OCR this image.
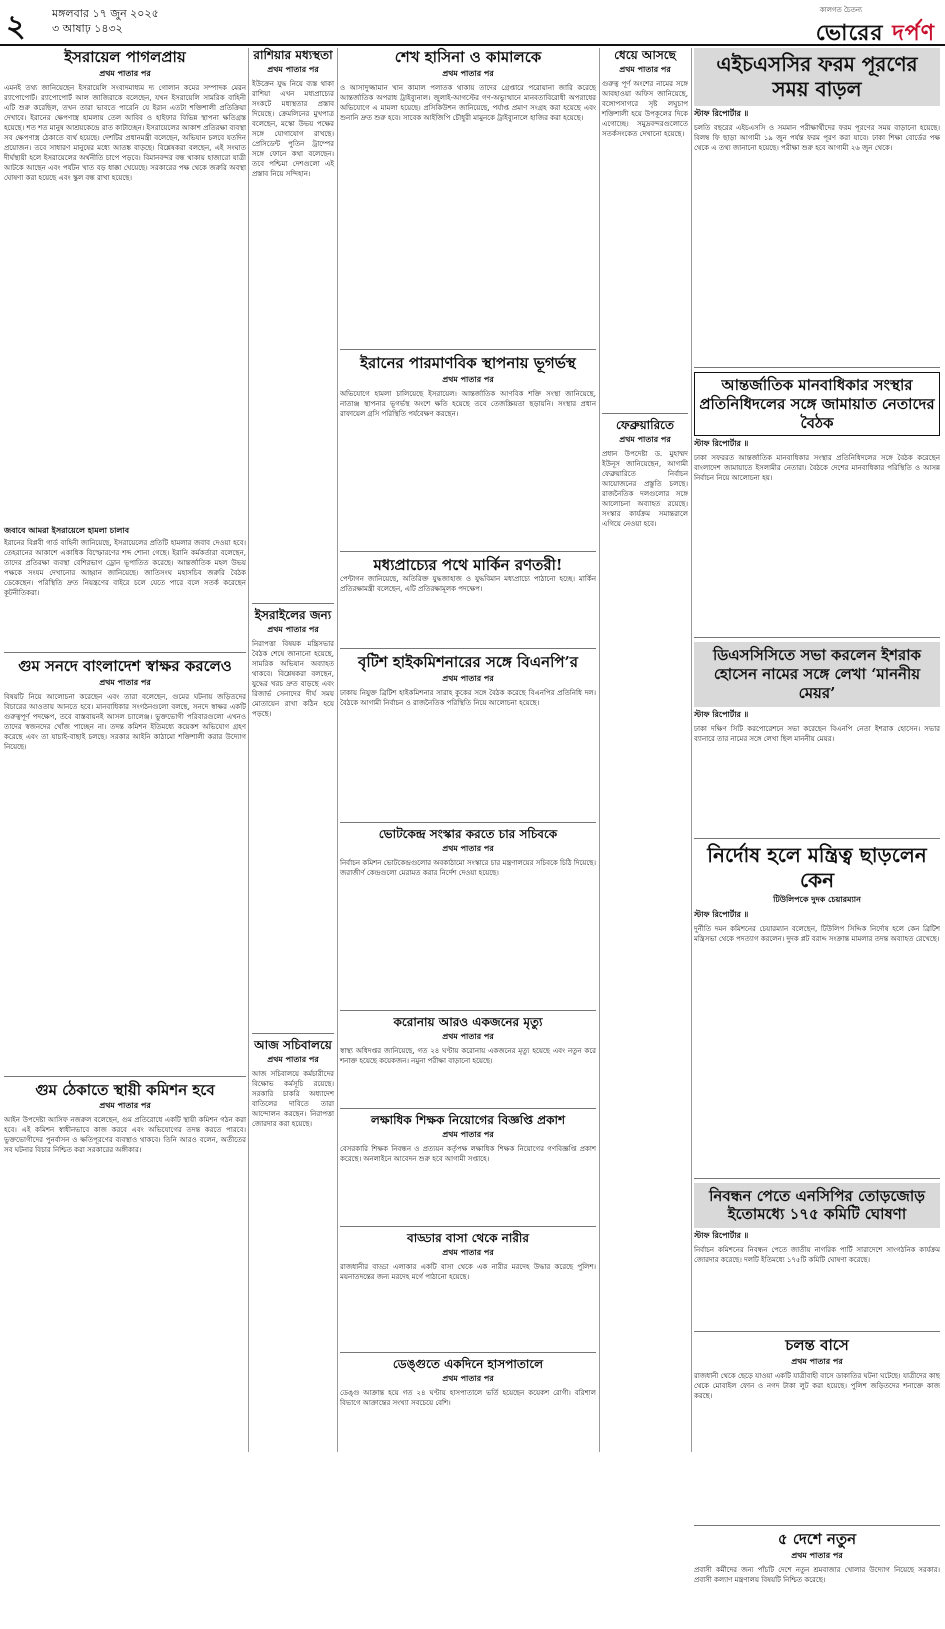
২ মঙ্গলবার ১৭ জুন ২০২৫
৩ আষাঢ় ১৪৩২
কালগত চৈতন্য
ভোরের দর্পণ
ইসরায়েল পাগলপ্রায়
প্রথম পাতার পর
এমনই তথ্য জানিয়েছেন ইসরায়েলি সংবাদমাধ্যম দ্য গোলান কমের সম্পাদক মেরন র‍্যাপোপোর্ট। র‍্যাপোপোর্ট আল জাজিরাকে বলেছেন, যখন ইসরায়েলি সামরিক বাহিনী এটি শুরু করেছিল, তখন তারা ভাবতে পারেনি যে ইরান এতটা শক্তিশালী প্রতিক্রিয়া দেখাবে। ইরানের ক্ষেপণাস্ত্র হামলায় তেল আবিব ও হাইফার বিভিন্ন স্থাপনা ক্ষতিগ্রস্ত হয়েছে। শত শত মানুষ আশ্রয়কেন্দ্রে রাত কাটাচ্ছেন। ইসরায়েলের আকাশ প্রতিরক্ষা ব্যবস্থা সব ক্ষেপণাস্ত্র ঠেকাতে ব্যর্থ হয়েছে। দেশটির প্রধানমন্ত্রী বলেছেন, অভিযান চলবে যতদিন প্রয়োজন। তবে সাধারণ মানুষের মধ্যে আতঙ্ক বাড়ছে। বিশ্লেষকরা বলছেন, এই সংঘাত দীর্ঘস্থায়ী হলে ইসরায়েলের অর্থনীতি চাপে পড়বে। বিমানবন্দর বন্ধ থাকায় হাজারো যাত্রী আটকে আছেন এবং পর্যটন খাত বড় ধাক্কা খেয়েছে। সরকারের পক্ষ থেকে জরুরি অবস্থা ঘোষণা করা হয়েছে এবং স্কুল বন্ধ রাখা হয়েছে।
জবাবে আমরা ইসরায়েলে হামলা চালাব
ইরানের বিপ্লবী গার্ড বাহিনী জানিয়েছে, ইসরায়েলের প্রতিটি হামলার জবাব দেওয়া হবে। তেহরানের আকাশে একাধিক বিস্ফোরণের শব্দ শোনা গেছে। ইরানি কর্মকর্তারা বলেছেন, তাদের প্রতিরক্ষা ব্যবস্থা বেশিরভাগ ড্রোন ভূপাতিত করেছে। আন্তর্জাতিক মহল উভয় পক্ষকে সংযম দেখানোর আহ্বান জানিয়েছে। জাতিসংঘ মহাসচিব জরুরি বৈঠক ডেকেছেন। পরিস্থিতি দ্রুত নিয়ন্ত্রণের বাইরে চলে যেতে পারে বলে সতর্ক করেছেন কূটনীতিকরা।
গুম সনদে বাংলাদেশ স্বাক্ষর করলেও
প্রথম পাতার পর
বিষয়টি নিয়ে আলোচনা করেছেন এবং তারা বলেছেন, গুমের ঘটনায় জড়িতদের বিচারের আওতায় আনতে হবে। মানবাধিকার সংগঠনগুলো বলছে, সনদে স্বাক্ষর একটি গুরুত্বপূর্ণ পদক্ষেপ, তবে বাস্তবায়নই আসল চ্যালেঞ্জ। ভুক্তভোগী পরিবারগুলো এখনও তাদের স্বজনদের খোঁজ পাচ্ছেন না। তদন্ত কমিশন ইতিমধ্যে কয়েকশ অভিযোগ গ্রহণ করেছে এবং তা যাচাই-বাছাই চলছে। সরকার আইনি কাঠামো শক্তিশালী করার উদ্যোগ নিয়েছে।
গুম ঠেকাতে স্থায়ী কমিশন হবে
প্রথম পাতার পর
আইন উপদেষ্টা আসিফ নজরুল বলেছেন, গুম প্রতিরোধে একটি স্থায়ী কমিশন গঠন করা হবে। এই কমিশন স্বাধীনভাবে কাজ করবে এবং অভিযোগের তদন্ত করতে পারবে। ভুক্তভোগীদের পুনর্বাসন ও ক্ষতিপূরণের ব্যবস্থাও থাকবে। তিনি আরও বলেন, অতীতের সব ঘটনার বিচার নিশ্চিত করা সরকারের অঙ্গীকার।
রাশিয়ার মধ্যস্থতা
প্রথম পাতার পর
ইউক্রেন যুদ্ধ নিয়ে ব্যস্ত থাকা রাশিয়া এখন মধ্যপ্রাচ্যের সংকটে মধ্যস্থতার প্রস্তাব দিয়েছে। ক্রেমলিনের মুখপাত্র বলেছেন, মস্কো উভয় পক্ষের সঙ্গে যোগাযোগ রাখছে। প্রেসিডেন্ট পুতিন ট্রাম্পের সঙ্গে ফোনে কথা বলেছেন। তবে পশ্চিমা দেশগুলো এই প্রস্তাব নিয়ে সন্দিহান।
ইসরাইলের জন্য
প্রথম পাতার পর
নিরাপত্তা বিষয়ক মন্ত্রিসভার বৈঠক শেষে জানানো হয়েছে, সামরিক অভিযান অব্যাহত থাকবে। বিশ্লেষকরা বলছেন, যুদ্ধের খরচ দ্রুত বাড়ছে এবং রিজার্ভ সেনাদের দীর্ঘ সময় মোতায়েন রাখা কঠিন হয়ে পড়ছে।
আজ সচিবালয়ে
প্রথম পাতার পর
আজ সচিবালয়ে কর্মচারীদের বিক্ষোভ কর্মসূচি রয়েছে। সরকারি চাকরি অধ্যাদেশ বাতিলের দাবিতে তারা আন্দোলন করছেন। নিরাপত্তা জোরদার করা হয়েছে।
শেখ হাসিনা ও কামালকে
প্রথম পাতার পর
ও আসাদুজ্জামান খান কামাল পলাতক থাকায় তাদের গ্রেপ্তারে পরোয়ানা জারি করেছে আন্তর্জাতিক অপরাধ ট্রাইব্যুনাল। জুলাই-আগস্টের গণ-অভ্যুত্থানে মানবতাবিরোধী অপরাধের অভিযোগে এ মামলা হয়েছে। প্রসিকিউশন জানিয়েছে, পর্যাপ্ত প্রমাণ সংগ্রহ করা হয়েছে এবং শুনানি দ্রুত শুরু হবে। সাবেক আইজিপি চৌধুরী মামুনকে ট্রাইব্যুনালে হাজির করা হয়েছে।
ইরানের পারমাণবিক স্থাপনায় ভূগর্ভস্থ
প্রথম পাতার পর
অভিযোগে হামলা চালিয়েছে ইসরায়েল। আন্তর্জাতিক আণবিক শক্তি সংস্থা জানিয়েছে, নাতাঞ্জ স্থাপনার ভূগর্ভস্থ অংশে ক্ষতি হয়েছে তবে তেজস্ক্রিয়তা ছড়ায়নি। সংস্থার প্রধান রাফায়েল গ্রসি পরিস্থিতি পর্যবেক্ষণ করছেন।
মধ্যপ্রাচ্যের পথে মার্কিন রণতরী!
পেন্টাগন জানিয়েছে, অতিরিক্ত যুদ্ধজাহাজ ও যুদ্ধবিমান মধ্যপ্রাচ্যে পাঠানো হচ্ছে। মার্কিন প্রতিরক্ষামন্ত্রী বলেছেন, এটি প্রতিরক্ষামূলক পদক্ষেপ।
বৃটিশ হাইকমিশনারের সঙ্গে বিএনপি’র
প্রথম পাতার পর
ঢাকায় নিযুক্ত ব্রিটিশ হাইকমিশনার সারাহ কুকের সঙ্গে বৈঠক করেছে বিএনপির প্রতিনিধি দল। বৈঠকে আগামী নির্বাচন ও রাজনৈতিক পরিস্থিতি নিয়ে আলোচনা হয়েছে।
ভোটকেন্দ্র সংস্কার করতে চার সচিবকে
প্রথম পাতার পর
নির্বাচন কমিশন ভোটকেন্দ্রগুলোর অবকাঠামো সংস্কারে চার মন্ত্রণালয়ের সচিবকে চিঠি দিয়েছে। জরাজীর্ণ কেন্দ্রগুলো মেরামত করার নির্দেশ দেওয়া হয়েছে।
করোনায় আরও একজনের মৃত্যু
প্রথম পাতার পর
স্বাস্থ্য অধিদপ্তর জানিয়েছে, গত ২৪ ঘণ্টায় করোনায় একজনের মৃত্যু হয়েছে এবং নতুন করে শনাক্ত হয়েছে কয়েকজন। নমুনা পরীক্ষা বাড়ানো হয়েছে।
লক্ষাধিক শিক্ষক নিয়োগের বিজ্ঞপ্তি প্রকাশ
প্রথম পাতার পর
বেসরকারি শিক্ষক নিবন্ধন ও প্রত্যয়ন কর্তৃপক্ষ লক্ষাধিক শিক্ষক নিয়োগের গণবিজ্ঞপ্তি প্রকাশ করেছে। অনলাইনে আবেদন শুরু হবে আগামী সপ্তাহে।
বাড্ডার বাসা থেকে নারীর
প্রথম পাতার পর
রাজধানীর বাড্ডা এলাকার একটি বাসা থেকে এক নারীর মরদেহ উদ্ধার করেছে পুলিশ। ময়নাতদন্তের জন্য মরদেহ মর্গে পাঠানো হয়েছে।
ডেঙ্গুতে একদিনে হাসপাতালে
প্রথম পাতার পর
ডেঙ্গু আক্রান্ত হয়ে গত ২৪ ঘণ্টায় হাসপাতালে ভর্তি হয়েছেন কয়েকশ রোগী। বরিশাল বিভাগে আক্রান্তের সংখ্যা সবচেয়ে বেশি।
ধেয়ে আসছে
প্রথম পাতার পর
গুরুত্ব পূর্ণ অংশের নামের সঙ্গে আবহাওয়া অফিস জানিয়েছে, বঙ্গোপসাগরে সৃষ্ট লঘুচাপ শক্তিশালী হয়ে উপকূলের দিকে এগোচ্ছে। সমুদ্রবন্দরগুলোতে সতর্কসংকেত দেখানো হয়েছে।
ফেব্রুয়ারিতে
প্রথম পাতার পর
প্রধান উপদেষ্টা ড. মুহাম্মদ ইউনূস জানিয়েছেন, আগামী ফেব্রুয়ারিতে নির্বাচন আয়োজনের প্রস্তুতি চলছে। রাজনৈতিক দলগুলোর সঙ্গে আলোচনা অব্যাহত রয়েছে। সংস্কার কার্যক্রম সমান্তরালে এগিয়ে নেওয়া হবে।
এইচএসসির ফরম পূরণের সময় বাড়ল
স্টাফ রিপোর্টার ॥
চলতি বছরের এইচএসসি ও সমমান পরীক্ষার্থীদের ফরম পূরণের সময় বাড়ানো হয়েছে। বিলম্ব ফি ছাড়া আগামী ১৯ জুন পর্যন্ত ফরম পূরণ করা যাবে। ঢাকা শিক্ষা বোর্ডের পক্ষ থেকে এ তথ্য জানানো হয়েছে। পরীক্ষা শুরু হবে আগামী ২৬ জুন থেকে।
আন্তর্জাতিক মানবাধিকার সংস্থার প্রতিনিধিদলের সঙ্গে জামায়াত নেতাদের বৈঠক
স্টাফ রিপোর্টার ॥
ঢাকা সফররত আন্তর্জাতিক মানবাধিকার সংস্থার প্রতিনিধিদলের সঙ্গে বৈঠক করেছেন বাংলাদেশ জামায়াতে ইসলামীর নেতারা। বৈঠকে দেশের মানবাধিকার পরিস্থিতি ও আসন্ন নির্বাচন নিয়ে আলোচনা হয়।
ডিএসসিসিতে সভা করলেন ইশরাক হোসেন নামের সঙ্গে লেখা ‘মাননীয় মেয়র’
স্টাফ রিপোর্টার ॥
ঢাকা দক্ষিণ সিটি করপোরেশনে সভা করেছেন বিএনপি নেতা ইশরাক হোসেন। সভার ব্যানারে তার নামের সঙ্গে লেখা ছিল মাননীয় মেয়র।
নির্দোষ হলে মন্ত্রিত্ব ছাড়লেন কেন
টিউলিপকে দুদক চেয়ারম্যান
স্টাফ রিপোর্টার ॥
দুর্নীতি দমন কমিশনের চেয়ারম্যান বলেছেন, টিউলিপ সিদ্দিক নির্দোষ হলে কেন ব্রিটিশ মন্ত্রিসভা থেকে পদত্যাগ করলেন। দুদক প্লট বরাদ্দ সংক্রান্ত মামলার তদন্ত অব্যাহত রেখেছে।
নিবন্ধন পেতে এনসিপির তোড়জোড় ইতোমধ্যে ১৭৫ কমিটি ঘোষণা
স্টাফ রিপোর্টার ॥
নির্বাচন কমিশনের নিবন্ধন পেতে জাতীয় নাগরিক পার্টি সারাদেশে সাংগঠনিক কার্যক্রম জোরদার করেছে। দলটি ইতিমধ্যে ১৭৫টি কমিটি ঘোষণা করেছে।
চলন্ত বাসে
প্রথম পাতার পর
রাজধানী থেকে ছেড়ে যাওয়া একটি যাত্রীবাহী বাসে ডাকাতির ঘটনা ঘটেছে। যাত্রীদের কাছ থেকে মোবাইল ফোন ও নগদ টাকা লুট করা হয়েছে। পুলিশ জড়িতদের শনাক্তে কাজ করছে।
৫ দেশে নতুন
প্রথম পাতার পর
প্রবাসী কর্মীদের জন্য পাঁচটি দেশে নতুন শ্রমবাজার খোলার উদ্যোগ নিয়েছে সরকার। প্রবাসী কল্যাণ মন্ত্রণালয় বিষয়টি নিশ্চিত করেছে।
